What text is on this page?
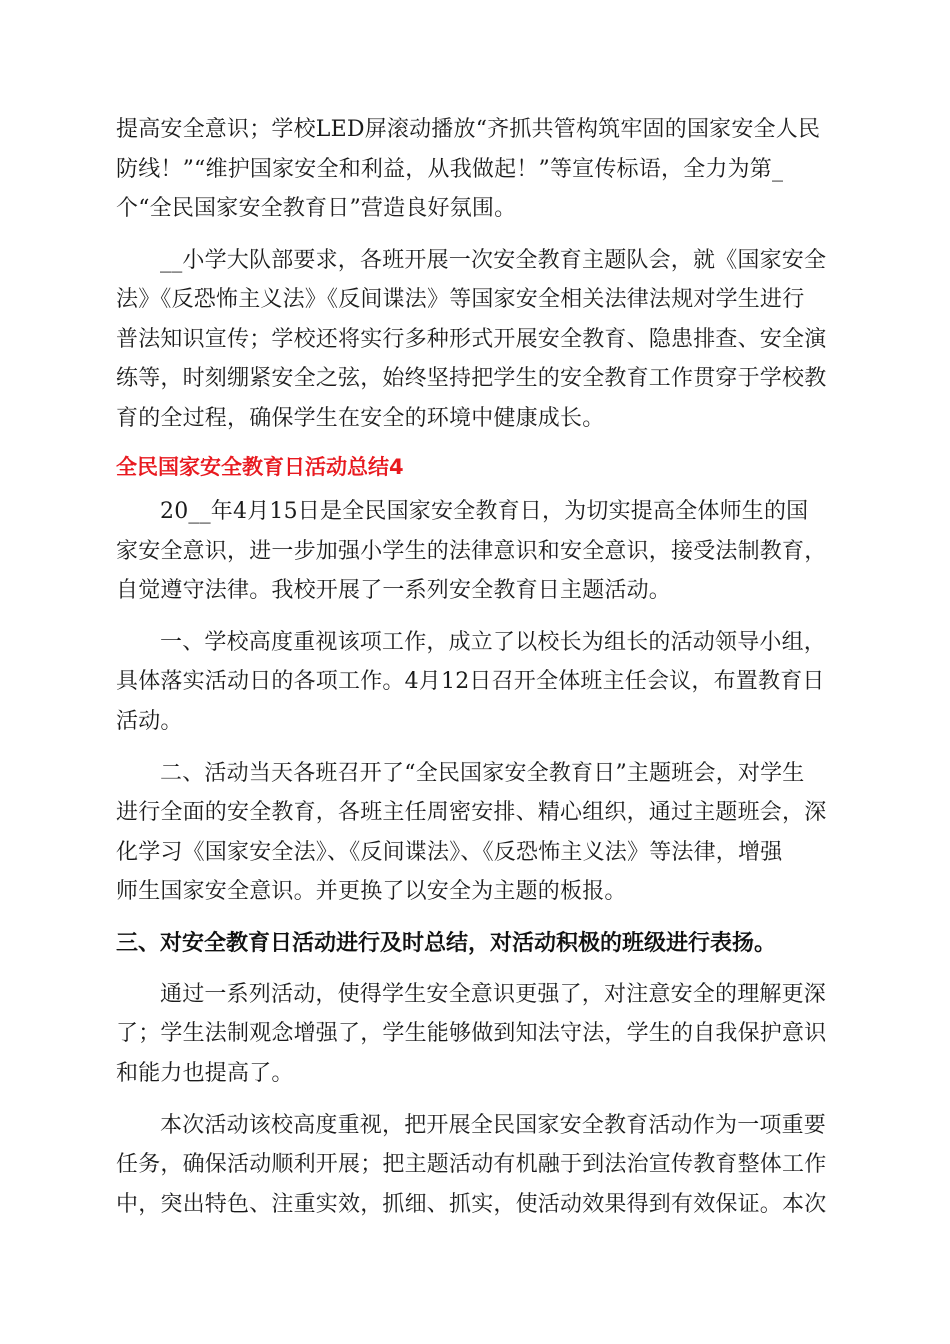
提高安全意识；学校LED屏滚动播放“齐抓共管构筑牢固的国家安全人民
防线！”“维护国家安全和利益，从我做起！”等宣传标语，全力为第_
个“全民国家安全教育日”营造良好氛围。
__小学大队部要求，各班开展一次安全教育主题队会，就《国家安全
法》《反恐怖主义法》《反间谍法》等国家安全相关法律法规对学生进行
普法知识宣传；学校还将实行多种形式开展安全教育、隐患排查、安全演
练等，时刻绷紧安全之弦，始终坚持把学生的安全教育工作贯穿于学校教
育的全过程，确保学生在安全的环境中健康成长。
全民国家安全教育日活动总结4
20__年4月15日是全民国家安全教育日，为切实提高全体师生的国
家安全意识，进一步加强小学生的法律意识和安全意识，接受法制教育，
自觉遵守法律。我校开展了一系列安全教育日主题活动。
一、学校高度重视该项工作，成立了以校长为组长的活动领导小组，
具体落实活动日的各项工作。4月12日召开全体班主任会议，布置教育日
活动。
二、活动当天各班召开了“全民国家安全教育日”主题班会，对学生
进行全面的安全教育，各班主任周密安排、精心组织，通过主题班会，深
化学习《国家安全法》、《反间谍法》、《反恐怖主义法》等法律，增强
师生国家安全意识。并更换了以安全为主题的板报。
三、对安全教育日活动进行及时总结，对活动积极的班级进行表扬。
通过一系列活动，使得学生安全意识更强了，对注意安全的理解更深
了；学生法制观念增强了，学生能够做到知法守法，学生的自我保护意识
和能力也提高了。
本次活动该校高度重视，把开展全民国家安全教育活动作为一项重要
任务，确保活动顺利开展；把主题活动有机融于到法治宣传教育整体工作
中，突出特色、注重实效，抓细、抓实，使活动效果得到有效保证。本次
